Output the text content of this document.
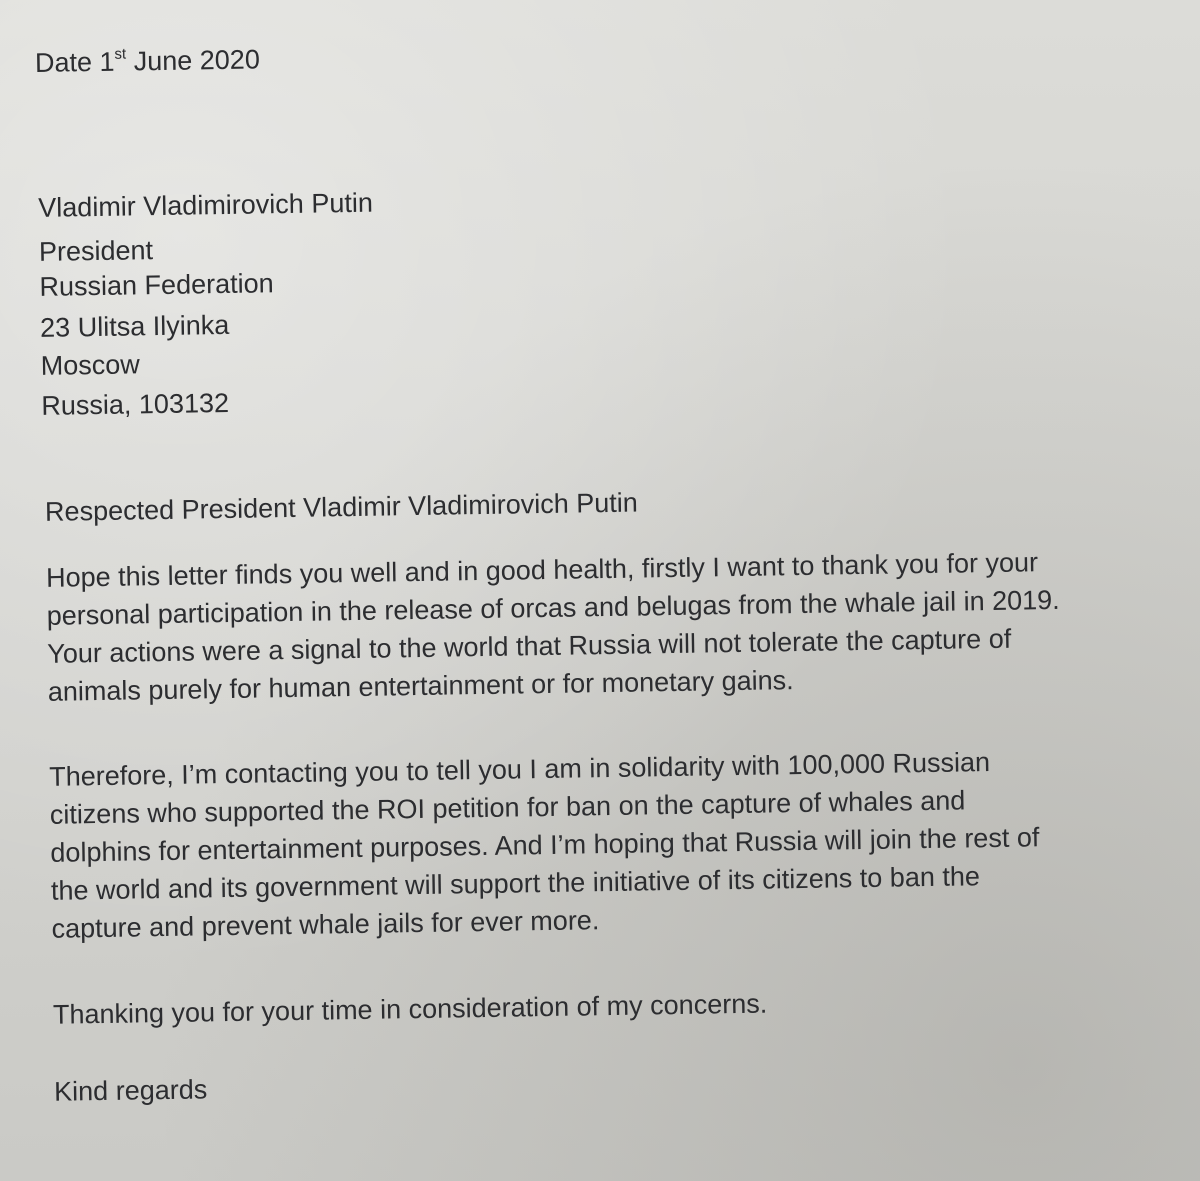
Date 1st June 2020

Vladimir Vladimirovich Putin

President

Russian Federation

23 Ulitsa Ilyinka

Moscow

Russia, 103132

Respected President Vladimir Vladimirovich Putin

Hope this letter finds you well and in good health, firstly I want to thank you for your
personal participation in the release of orcas and belugas from the whale jail in 2019.
Your actions were a signal to the world that Russia will not tolerate the capture of
animals purely for human entertainment or for monetary gains.
Therefore, I’m contacting you to tell you I am in solidarity with 100,000 Russian
citizens who supported the ROI petition for ban on the capture of whales and
dolphins for entertainment purposes. And I’m hoping that Russia will join the rest of
the world and its government will support the initiative of its citizens to ban the
capture and prevent whale jails for ever more.

Thanking you for your time in consideration of my concerns.

Kind regards
